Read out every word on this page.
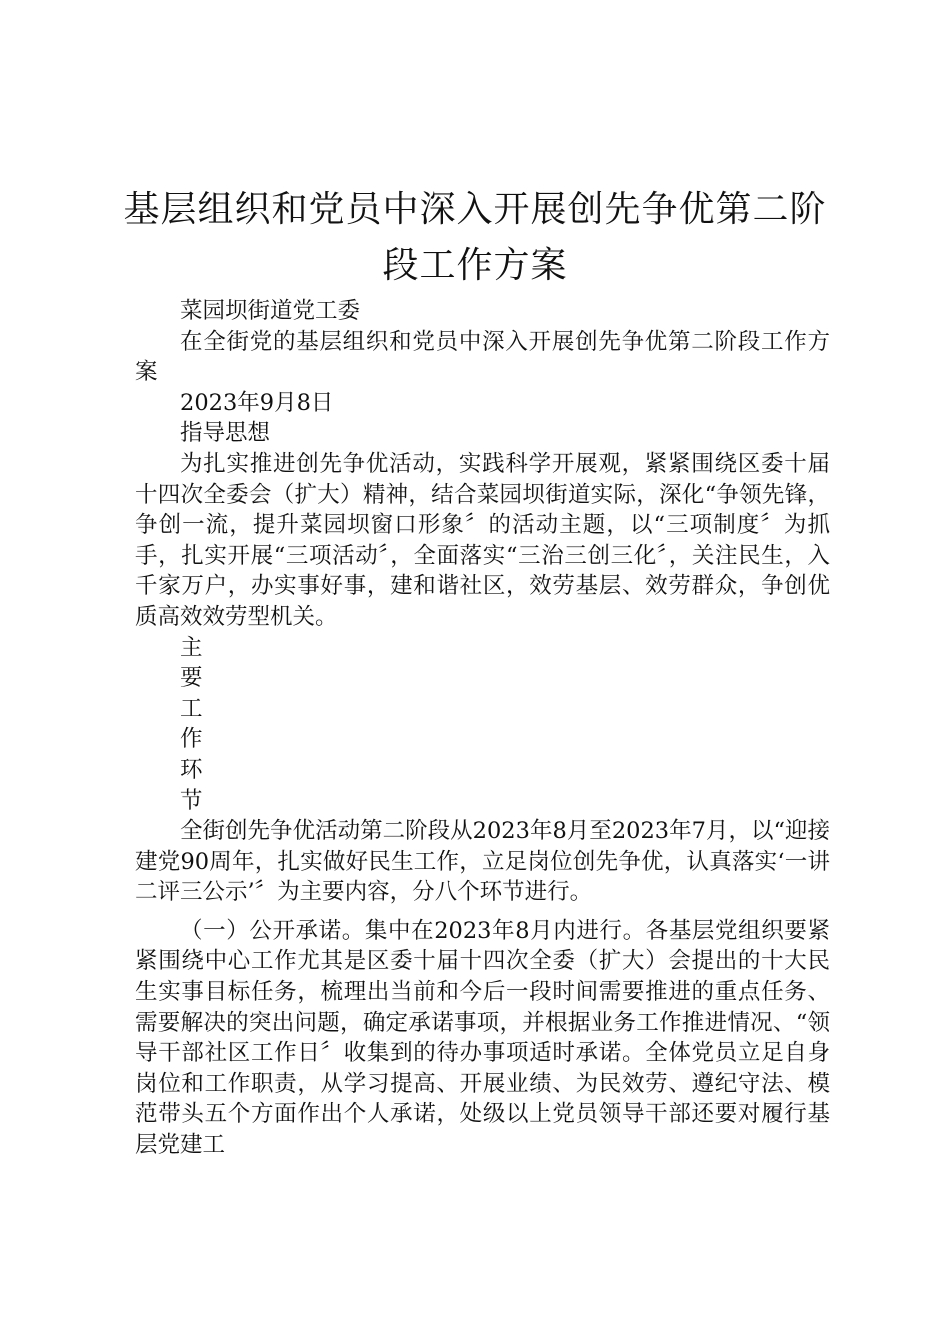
基层组织和党员中深入开展创先争优第二阶
段工作方案

菜园坝街道党工委

在全街党的基层组织和党员中深入开展创先争优第二阶段工作方案

2023年9月8日

指导思想

为扎实推进创先争优活动，实践科学开展观，紧紧围绕区委十届十四次全委会（扩大）精神，结合菜园坝街道实际，深化“争领先锋，争创一流，提升菜园坝窗口形象〞的活动主题，以“三项制度〞为抓手，扎实开展“三项活动〞，全面落实“三治三创三化〞，关注民生，入千家万户，办实事好事，建和谐社区，效劳基层、效劳群众，争创优质高效效劳型机关。

主

要

工

作

环

节

全街创先争优活动第二阶段从2023年8月至2023年7月，以“迎接建党90周年，扎实做好民生工作，立足岗位创先争优，认真落实‘一讲二评三公示’〞为主要内容，分八个环节进行。

（一）公开承诺。集中在2023年8月内进行。各基层党组织要紧紧围绕中心工作尤其是区委十届十四次全委（扩大）会提出的十大民生实事目标任务，梳理出当前和今后一段时间需要推进的重点任务、需要解决的突出问题，确定承诺事项，并根据业务工作推进情况、“领导干部社区工作日〞收集到的待办事项适时承诺。全体党员立足自身岗位和工作职责，从学习提高、开展业绩、为民效劳、遵纪守法、模范带头五个方面作出个人承诺，处级以上党员领导干部还要对履行基层党建工
